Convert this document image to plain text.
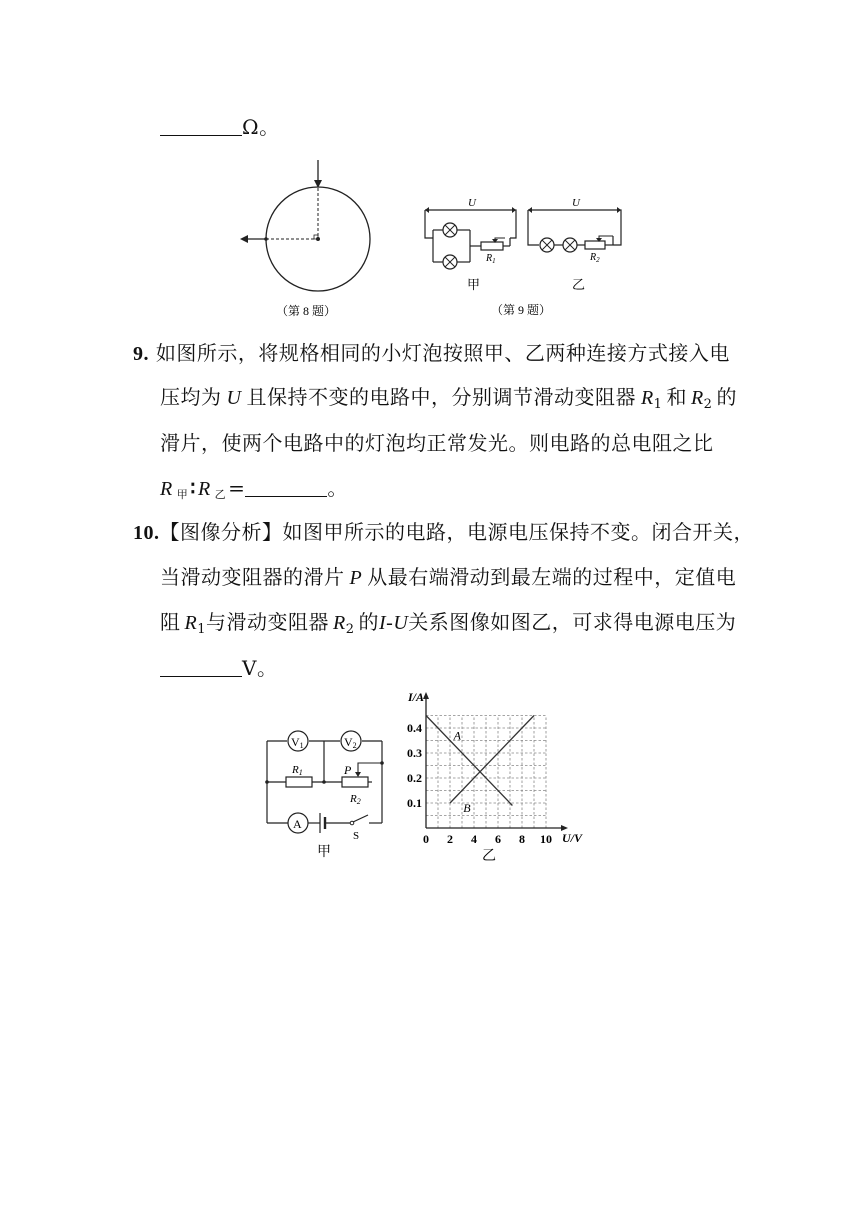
Ω。
（第 8 题）
U
$R_1$
甲
U
$R_2$
乙
（第 9 题）
9. 如图所示，将规格相同的小灯泡按照甲、乙两种连接方式接入电
压均为 U 且保持不变的电路中，分别调节滑动变阻器 $R_1$ 和 $R_2$ 的
滑片，使两个电路中的灯泡均正常发光。则电路的总电阻之比
R甲 ∶ R 乙 =	。
10.【图像分析】如图甲所示的电路，电源电压保持不变。闭合开关，
当滑动变阻器的滑片 P 从最右端滑动到最左端的过程中，定值电
阻 $R_1$与滑动变阻器 $R_2$ 的I-U关系图像如图乙，可求得电源电压为
V。
V1	V2
R1	P
R2
A
S
甲
0 2 4 6 8 10
0.1
0.2
0.3
0.4
A
B
I/A
U/V
乙
